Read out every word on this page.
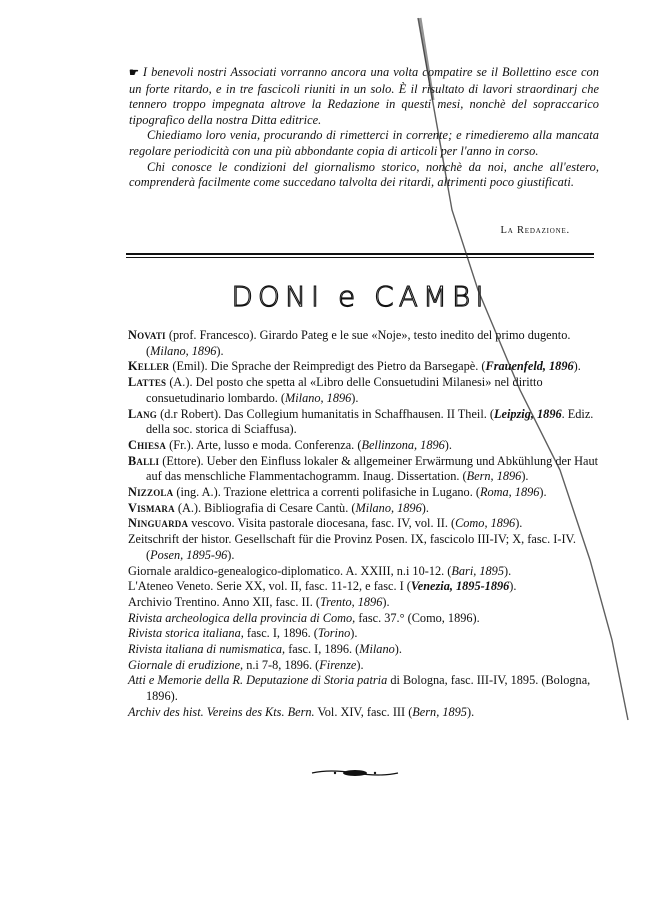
☛ I benevoli nostri Associati vorranno ancora una volta compatire se il Bollettino esce con un forte ritardo, e in tre fascicoli riuniti in un solo. È il risultato di lavori straordinarj che tennero troppo impegnata altrove la Redazione in questi mesi, nonchè del sopraccarico tipografico della nostra Ditta editrice.

Chiediamo loro venia, procurando di rimetterci in corrente; e rimedieremo alla mancata regolare periodicità con una più abbondante copia di articoli per l'anno in corso.

Chi conosce le condizioni del giornalismo storico, nonchè da noi, anche all'estero, comprenderà facilmente come succedano talvolta dei ritardi, altrimenti poco giustificati.

La Redazione.
DONI e CAMBI

Novati (prof. Francesco). Girardo Pateg e le sue «Noje», testo inedito del primo dugento. (Milano, 1896).

Keller (Emil). Die Sprache der Reimpredigt des Pietro da Barsegapè. (Frauenfeld, 1896).

Lattes (A.). Del posto che spetta al «Libro delle Consuetudini Milanesi» nel diritto consuetudinario lombardo. (Milano, 1896).

Lang (d.r Robert). Das Collegium humanitatis in Schaffhausen. II Theil. (Leipzig, 1896. Ediz. della soc. storica di Sciaffusa).

Chiesa (Fr.). Arte, lusso e moda. Conferenza. (Bellinzona, 1896).

Balli (Ettore). Ueber den Einfluss lokaler & allgemeiner Erwärmung und Abkühlung der Haut auf das menschliche Flammentachogramm. Inaug. Dissertation. (Bern, 1896).

Nizzola (ing. A.). Trazione elettrica a correnti polifasiche in Lugano. (Roma, 1896).

Vismara (A.). Bibliografia di Cesare Cantù. (Milano, 1896).

Ninguarda vescovo. Visita pastorale diocesana, fasc. IV, vol. II. (Como, 1896).

Zeitschrift der histor. Gesellschaft für die Provinz Posen. IX, fascicolo III-IV; X, fasc. I-IV. (Posen, 1895-96).

Giornale araldico-genealogico-diplomatico. A. XXIII, n.i 10-12. (Bari, 1895).

L'Ateneo Veneto. Serie XX, vol. II, fasc. 11-12, e fasc. I (Venezia, 1895-1896).

Archivio Trentino. Anno XII, fasc. II. (Trento, 1896).

Rivista archeologica della provincia di Como, fasc. 37.° (Como, 1896).

Rivista storica italiana, fasc. I, 1896. (Torino).

Rivista italiana di numismatica, fasc. I, 1896. (Milano).

Giornale di erudizione, n.i 7-8, 1896. (Firenze).

Atti e Memorie della R. Deputazione di Storia patria di Bologna, fasc. III-IV, 1895. (Bologna, 1896).

Archiv des hist. Vereins des Kts. Bern. Vol. XIV, fasc. III (Bern, 1895).
